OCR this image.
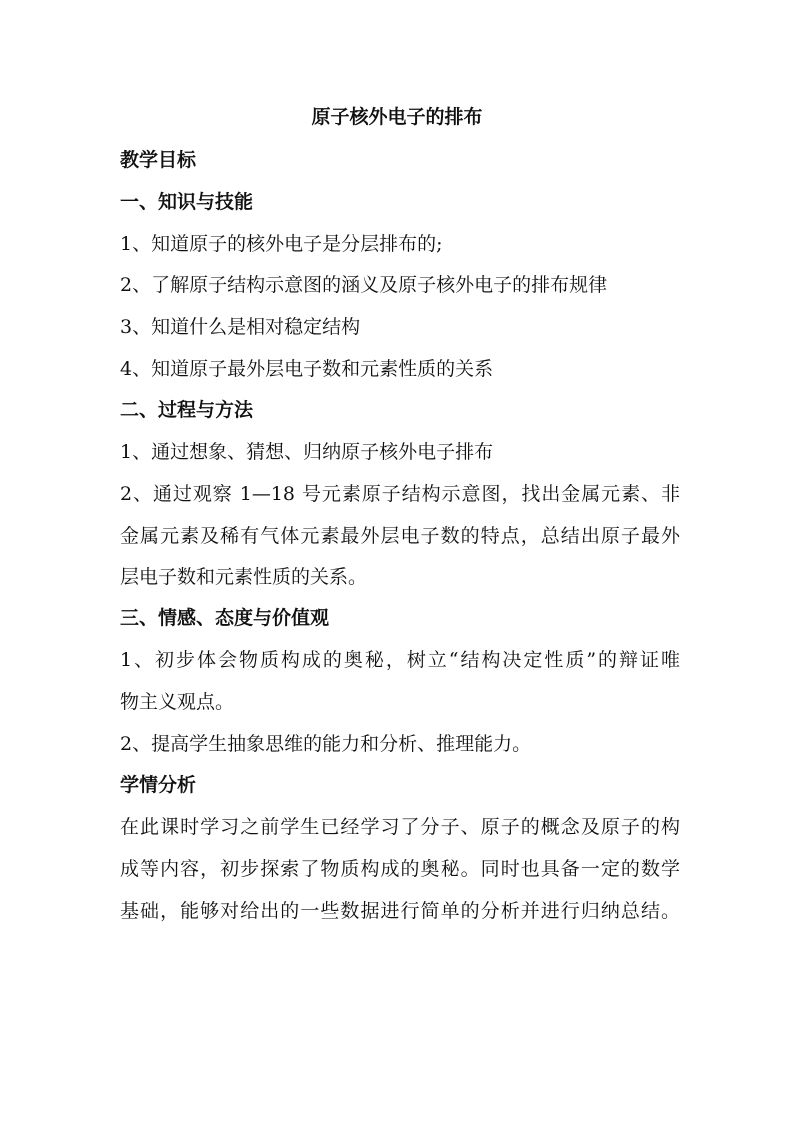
原子核外电子的排布
教学目标
一、知识与技能
1、知道原子的核外电子是分层排布的;
2、了解原子结构示意图的涵义及原子核外电子的排布规律
3、知道什么是相对稳定结构
4、知道原子最外层电子数和元素性质的关系
二、过程与方法
1、通过想象、猜想、归纳原子核外电子排布
2、通过观察 1—18 号元素原子结构示意图，找出金属元素、非
金属元素及稀有气体元素最外层电子数的特点，总结出原子最外
层电子数和元素性质的关系。
三、情感、态度与价值观
1、初步体会物质构成的奥秘，树立“结构决定性质”的辩证唯
物主义观点。
2、提高学生抽象思维的能力和分析、推理能力。
学情分析
在此课时学习之前学生已经学习了分子、原子的概念及原子的构
成等内容，初步探索了物质构成的奥秘。同时也具备一定的数学
基础，能够对给出的一些数据进行简单的分析并进行归纳总结。
